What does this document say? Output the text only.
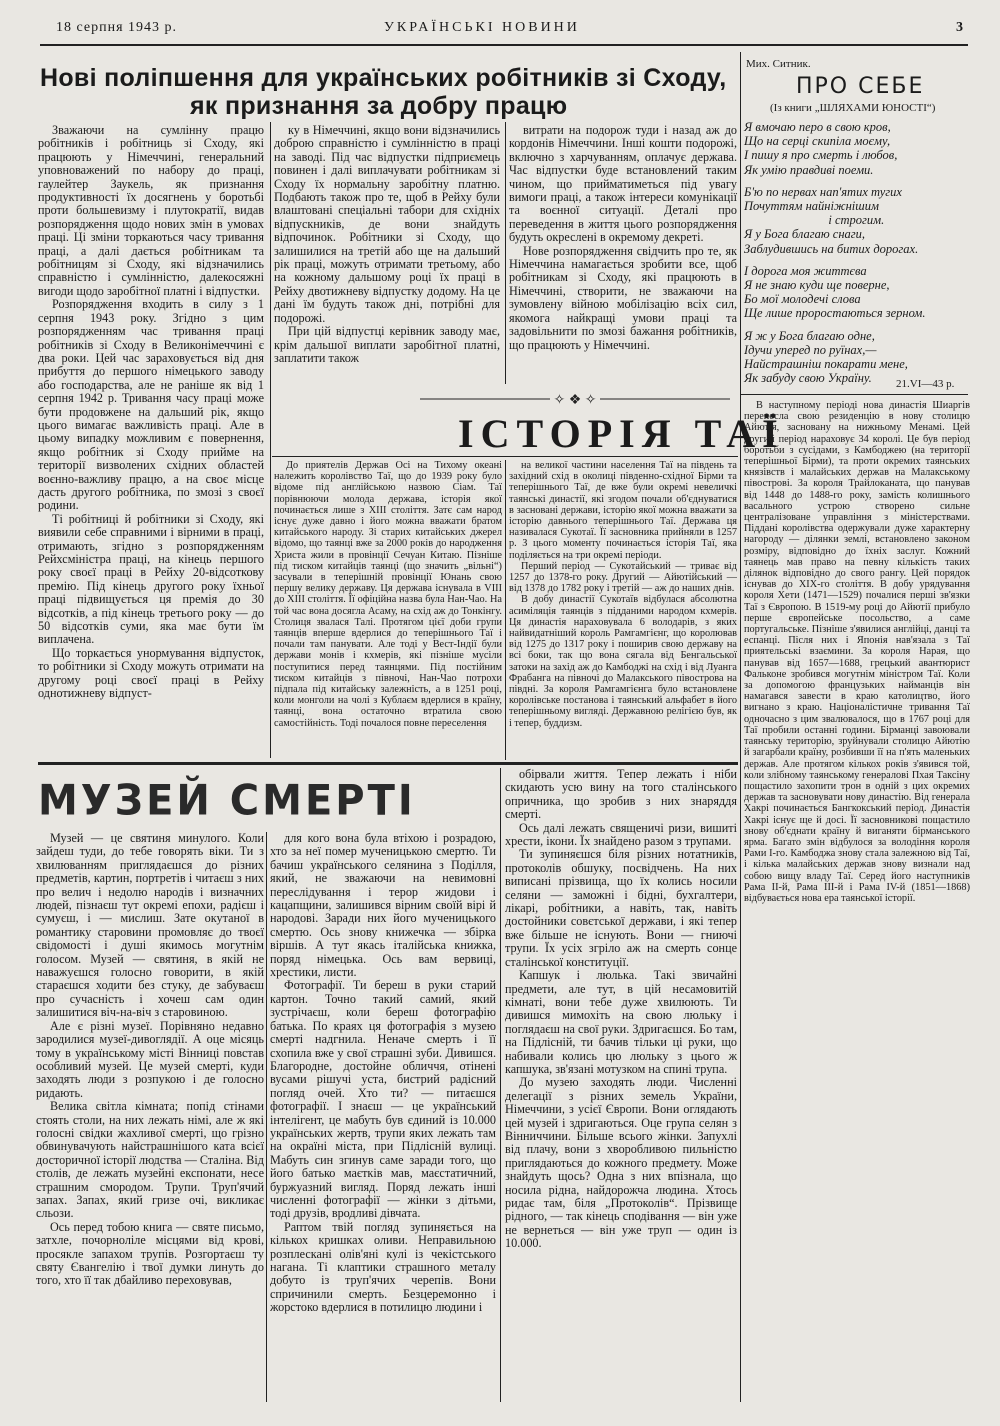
18 серпня 1943 р.	УКРАЇНСЬКІ НОВИНИ	3
Нові поліпшення для українських робітників зі Сходу,
як признання за добру працю

Зважаючи на сумлінну працю робітників і робітниць зі Сходу, які працюють у Німеччині, генеральний уповноважений по набору до праці, гаулейтер Заукель, як признання продуктивності їх досягнень у боротьбі проти большевизму і плутократії, видав розпорядження щодо нових змін в умовах праці. Ці зміни торкаються часу тривання праці, а далі дається робітникам та робітницям зі Сходу, які відзначились справністю і сумлінністю, далекосяжні вигоди щодо заробітної платні і відпустки.

Розпорядження входить в силу з 1 серпня 1943 року. Згідно з цим розпорядженням час тривання праці робітників зі Сходу в Великонімеччині є два роки. Цей час зараховується від дня прибуття до першого німецького заводу або господарства, але не раніше як від 1 серпня 1942 р. Тривання часу праці може бути продовжене на дальший рік, якщо цього вимагає важливість праці. Але в цьому випадку можливим є повернення, якщо робітник зі Сходу прийме на території визволених східних областей воєнно-важливу працю, а на своє місце дасть другого робітника, по змозі з своєї родини.

Ті робітниці й робітники зі Сходу, які виявили себе справними і вірними в праці, отримають, згідно з розпорядженням Рейхсміністра праці, на кінець першого року своєї праці в Рейху 20-відсоткову премію. Під кінець другого року їхньої праці підвищується ця премія до 30 відсотків, а під кінець третього року — до 50 відсотків суми, яка має бути їм виплачена.

Що торкається унормування відпусток, то робітники зі Сходу можуть отримати на другому році своєї праці в Рейху однотижневу відпуст-

ку в Німеччині, якщо вони відзначились доброю справністю і сумлінністю в праці на заводі. Під час відпустки підприємець повинен і далі виплачувати робітникам зі Сходу їх нормальну заробітну платню. Подбають також про те, щоб в Рейху були влаштовані спеціальні табори для східніх відпускників, де вони знайдуть відпочинок. Робітники зі Сходу, що залишилися на третій або ще на дальший рік праці, можуть отримати третьому, або на кожному дальшому році їх праці в Рейху двотижневу відпустку додому. На це дані їм будуть також дні, потрібні для подорожі.

При цій відпустці керівник заводу має, крім дальшої виплати заробітної платні, заплатити також

витрати на подорож туди і назад аж до кордонів Німеччини. Інші кошти подорожі, включно з харчуванням, оплачує держава. Час відпустки буде встановлений таким чином, що прийматиметься під увагу вимоги праці, а також інтереси комунікації та воєнної ситуації. Деталі про переведення в життя цього розпорядження будуть окреслені в окремому декреті.

Нове розпорядження свідчить про те, як Німеччина намагається зробити все, щоб робітникам зі Сходу, які працюють в Німеччині, створити, не зважаючи на зумовлену війною мобілізацію всіх сил, якомога найкращі умови праці та задовільнити по змозі бажання робітників, що працюють у Німеччині.

Мих. Ситник.
ПРО СЕБЕ
(Із книги „ШЛЯХАМИ ЮНОСТІ“)
Я вмочаю перо в свою кров,
Що на серці скипіла моєму,
І пишу я про смерть і любов,
Як умію правдиві поеми.
Б'ю по нервах нап'ятих тугих
Почуттям найніжнішим
і строгим.
Я у Бога благаю снаги,
Заблудившись на битих дорогах.
І дорога моя життєва
Я не знаю куди ще поверне,
Бо мої молодечі слова
Ще лише проростаються зерном.
Я ж у Бога благаю одне,
Ідучи уперед по руїнах,—
Найстрашніш покарати мене,
Як забуду свою Україну.	21.VI—43 р.
✧ ❖ ✧
ІСТОРІЯ ТАЇ

До приятелів Держав Осі на Тихому океані належить королівство Таї, що до 1939 року було відоме під англійською назвою Сіам. Таї порівнюючи молода держава, історія якої починається лише з XIII століття. Затє сам народ існує дуже давно і його можна вважати братом китайського народу. Зі старих китайських джерел відомо, що таянці вже за 2000 років до народження Христа жили в провінції Сечуан Китаю. Пізніше під тиском китайців таянці (що значить „вільні“) засували в теперішній провінції Юнань свою першу велику державу. Ця держава існувала в VIII до XIII століття. Її офіційна назва була Нан-Чао. На той час вона досягла Асаму, на схід аж до Тонкінгу. Столиця звалася Талі. Протягом цієї доби групи таянців вперше вдерлися до теперішнього Таї і почали там панувати. Але тоді у Вест-Індії були держави монів і кхмерів, які пізніше мусіли поступитися перед таянцями. Під постійним тиском китайців з півночі, Нан-Чао потрохи підпала під китайську залежність, а в 1251 році, коли монголи на чолі з Кублаєм вдерлися в країну, таянці, вона остаточно втратила свою самостійність. Тоді почалося повне переселення

на великої частини населення Таї на південь та західний схід в околиці південно-східної Бірми та теперішнього Таї, де вже були окремі невеличкі таянські династії, які згодом почали об'єднуватися в засновані держави, історію якої можна вважати за історію давнього теперішнього Таї. Держава ця називалася Сукотаї. Її засновника прийняли в 1257 р. З цього моменту починається історія Таї, яка поділяється на три окремі періоди.

Перший період — Сукотайський — триває від 1257 до 1378-го року. Другий — Айютійський — від 1378 до 1782 року і третій — аж до наших днів.

В добу династії Сукотаїв відбулася абсолютна асиміляція таянців з підданими народом кхмерів. Ця династія нараховувала 6 володарів, з яких найвидатніший король Рамгамгієнг, що королював від 1275 до 1317 року і поширив свою державу на всі боки, так що вона сягала від Бенгальської затоки на захід аж до Камбоджі на схід і від Луанга Фрабанга на півночі до Малакського півострова на півдні. За короля Рамгамгієнга було встановлене королівське постанова і таянський альфабет в його теперішньому вигляді. Державною релігією був, як і тепер, буддизм.

В наступному періоді нова династія Шиаргів перенесла свою резиденцію в нову столицю Айютія, засновану на нижньому Менамі. Цей другий період нараховує 34 королі. Це був період боротьби з сусідами, з Камбоджею (на території теперішньої Бірми), та проти окремих таянських князівств і малайських держав на Малакському півострові. За короля Трайлоканата, що панував від 1448 до 1488-го року, замість колишнього васального устрою створено сильне централізоване управління з міністерствами. Піддані королівства одержували дуже характерну нагороду — ділянки землі, встановлено законом розміру, відповідно до їхніх заслуг. Кожний таянець мав право на певну кількість таких ділянок відповідно до свого рангу. Цей порядок існував до XIX-го століття. В добу урядування короля Хети (1471—1529) почалися перші зв'язки Таї з Європою. В 1519-му році до Айютії прибуло перше європейське посольство, а саме португальське. Пізніше з'явилися англійці, данці та еспанці. Після них і Японія нав'язала з Таї приятельські взаємини. За короля Нарая, що панував від 1657—1688, грецький авантюрист Фальконе зробився могутнім міністром Таї. Коли за допомогою французьких найманців він намагався завести в краю католицтво, його вигнано з краю. Націоналістичне тривання Таї одночасно з цим звалювалося, що в 1767 році для Таї пробили останні години. Бірманці завоювали таянську територію, зруйнували столицю Айютію й загарбали країну, розбивши її на п'ять маленьких держав. Але протягом кількох років з'явився той, коли злібному таянському генералові Пхая Таксіну пощастило захопити трон в одній з цих окремих держав та засновувати нову династію. Від генерала Хакрі починається Бангкокський період. Династія Хакрі існує ще й досі. Її засновникові пощастило знову об'єднати країну й виганяти бірманського ярма. Багато змін відбулося за володіння короля Рами І-го. Камбоджа знову стала залежною від Таї, і кілька малайських держав знову визнали над собою вищу владу Таї. Серед його наступників Рама ІІ-й, Рама ІІІ-й і Рама IV-й (1851—1868) відбувається нова ера таянської історії.

МУЗЕЙ СМЕРТІ

Музей — це святиня минулого. Коли зайдеш туди, до тебе говорять віки. Ти з хвилюванням приглядаєшся до різних предметів, картин, портретів і читаєш з них про велич і недолю народів і визначних людей, пізнаєш тут окремі епохи, радієш і сумуєш, і — мислиш. Зате окутаної в романтику старовини промовляє до твоєї свідомості і душі якимось могутнім голосом. Музей — святиня, в якій не наважуєшся голосно говорити, в якій стараєшся ходити без стуку, де забуваєш про сучасність і хочеш сам один залишитися віч-на-віч з старовиною.

Але є різні музеї. Порівняно недавно зародилися музеї-дивоглядії. А оце місяць тому в українському місті Вінниці повстав особливий музей. Це музей смерті, куди заходять люди з розпукою і де голосно ридають.

Велика світла кімната; попід стінами стоять столи, на них лежать німі, але ж які голосні свідки жахливої смерті, що грізно обвинувачують найстрашнішого ката всієї досторичної історії людства — Сталіна. Від столів, де лежать музейні експонати, несе страшним смородом. Трупи. Труп'ячий запах. Запах, який гризе очі, викликає сльози.

Ось перед тобою книга — святе письмо, затхле, почорноліле місцями від крові, просякле запахом трупів. Розгортаєш ту святу Євангелію і твої думки линуть до того, хто її так дбайливо переховував,

для кого вона була втіхою і розрадою, хто за неї помер мученицькою смертю. Ти бачиш українського селянина з Поділля, який, не зважаючи на невимовні переслідування і терор жидови і кацапщини, залишився вірним своїй вірі й народові. Заради них його мученицького смертю. Ось знову книжечка — збірка віршів. А тут якась італійська книжка, поряд німецька. Ось вам вервиці, хрестики, листи.

Фотографії. Ти береш в руки старий картон. Точно такий самий, який зустрічаєш, коли береш фотографію батька. По краях ця фотографія з музею смерті надгнила. Неначе смерть і її схопила вже у свої страшні зуби. Дивишся. Благородне, достойне обличчя, отінені вусами рішучі уста, бистрий радісний погляд очей. Хто ти? — питаєшся фотографії. І знаєш — це український інтелігент, це мабуть був єдиний із 10.000 українських жертв, трупи яких лежать там на окраїні міста, при Підлісній вулиці. Мабуть син згинув саме заради того, що його батько маєтків мав, маєстатичний, буржуазний вигляд. Поряд лежать інші численні фотографії — жінки з дітьми, тоді друзів, вродливі дівчата.

Раптом твій погляд зупиняється на кількох кришках оливи. Неправильною розплескані олів'яні кулі із чекістського нагана. Ті клаптики страшного металу добуто із труп'ячих черепів. Вони спричинили смерть. Безцеремонно і жорстоко вдерлися в потилицю людини і

обірвали життя. Тепер лежать і ніби скидають усю вину на того сталінського опричника, що зробив з них знаряддя смерті.

Ось далі лежать священичі ризи, вишиті хрести, ікони. Їх знайдено разом з трупами.

Ти зупиняєшся біля різних нотатників, протоколів обшуку, посвідчень. На них виписані прізвища, що їх колись носили селяни — заможні і бідні, бухгалтери, лікарі, робітники, а навіть, так, навіть достойники совєтської держави, і які тепер вже більше не існують. Вони — гниючі трупи. Їх усіх згріло аж на смерть сонце сталінської конституції.

Капшук і люлька. Такі звичайні предмети, але тут, в цій несамовитій кімнаті, вони тебе дуже хвилюють. Ти дивишся мимохіть на свою люльку і поглядаєш на свої руки. Здригаєшся. Бо там, на Підлісній, ти бачив тільки ці руки, що набивали колись цю люльку з цього ж капшука, зв'язані мотузком на спині трупа.

До музею заходять люди. Численні делегації з різних земель України, Німеччини, з усієї Європи. Вони оглядають цей музей і здригаються. Оце група селян з Вінниччини. Більше всього жінки. Запухлі від плачу, вони з хворобливою пильністю приглядаються до кожного предмету. Може знайдуть щось? Одна з них впізнала, що носила рідна, найдорожча людина. Хтось ридає там, біля „Протоколів“. Прізвище рідного, — так кінець сподівання — він уже не вернеться — він уже труп — один із 10.000.
